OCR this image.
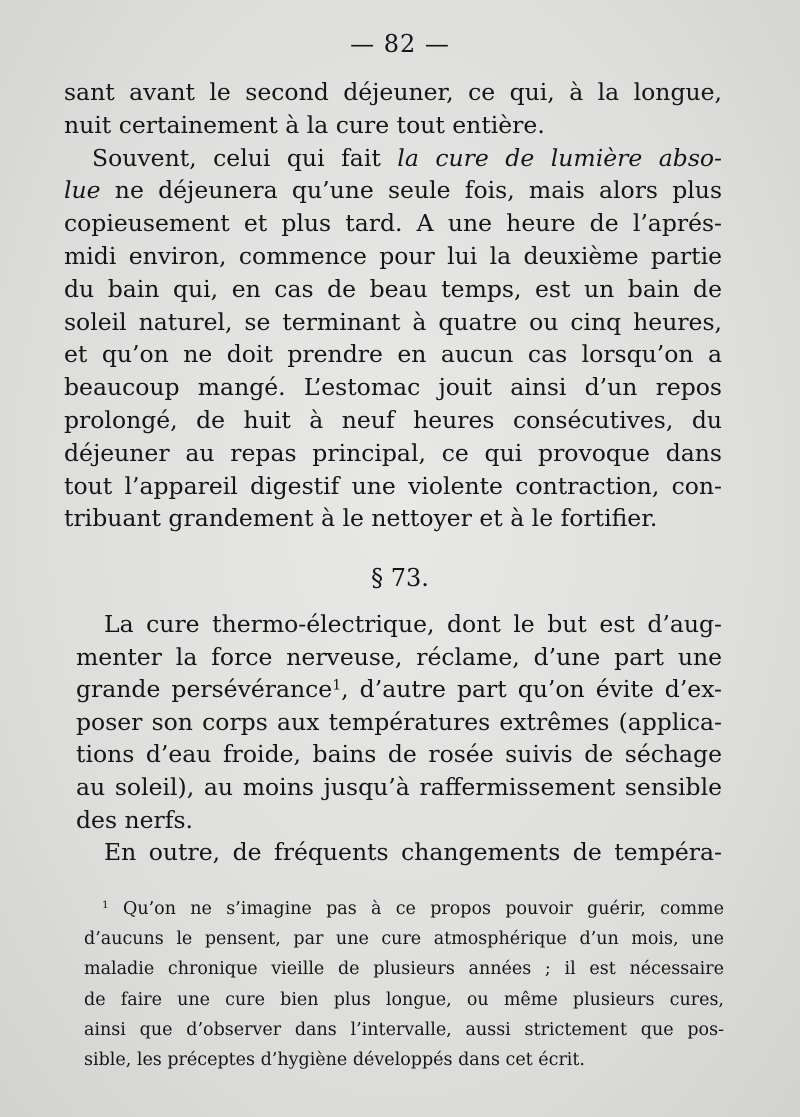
— 82 —
sant avant le second déjeuner, ce qui, à la longue,
nuit certainement à la cure tout entière.
Souvent, celui qui fait la cure de lumière abso-
lue ne déjeunera qu’une seule fois, mais alors plus
copieusement et plus tard. A une heure de l’aprés-
midi environ, commence pour lui la deuxième partie
du bain qui, en cas de beau temps, est un bain de
soleil naturel, se terminant à quatre ou cinq heures,
et qu’on ne doit prendre en aucun cas lorsqu’on a
beaucoup mangé. L’estomac jouit ainsi d’un repos
prolongé, de huit à neuf heures consécutives, du
déjeuner au repas principal, ce qui provoque dans
tout l’appareil digestif une violente contraction, con-
tribuant grandement à le nettoyer et à le fortifier.
§ 73.
La cure thermo-électrique, dont le but est d’aug-
menter la force nerveuse, réclame, d’une part une
grande persévérance$^1$, d’autre part qu’on évite d’ex-
poser son corps aux températures extrêmes (applica-
tions d’eau froide, bains de rosée suivis de séchage
au soleil), au moins jusqu’à raffermissement sensible
des nerfs.
En outre, de fréquents changements de tempéra-
$^1$ Qu’on ne s’imagine pas à ce propos pouvoir guérir, comme
d’aucuns le pensent, par une cure atmosphérique d’un mois, une
maladie chronique vieille de plusieurs années ; il est nécessaire
de faire une cure bien plus longue, ou même plusieurs cures,
ainsi que d’observer dans l’intervalle, aussi strictement que pos-
sible, les préceptes d’hygiène développés dans cet écrit.
